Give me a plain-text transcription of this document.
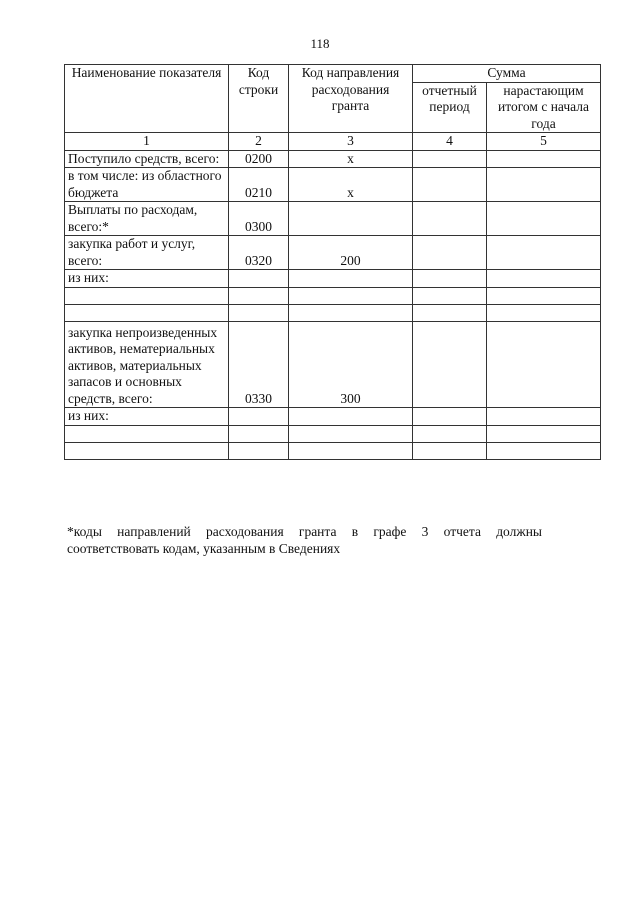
118
Наименование показателя	Код строки	Код направления расходования гранта	Сумма	
			отчетный период	нарастающим итогом с начала года
1	2	3	4	5
Поступило средств, всего:	0200	x		
в том числе: из областного бюджета	0210	x		
Выплаты по расходам, всего:*	0300			
закупка работ и услуг, всего:	0320	200		
из них:				

закупка непроизведенных активов, нематериальных активов, материальных запасов и основных средств, всего:	0330	300		
из них:				

*коды направлений расходования гранта в графе 3 отчета должны соответствовать кодам, указанным в Сведениях
